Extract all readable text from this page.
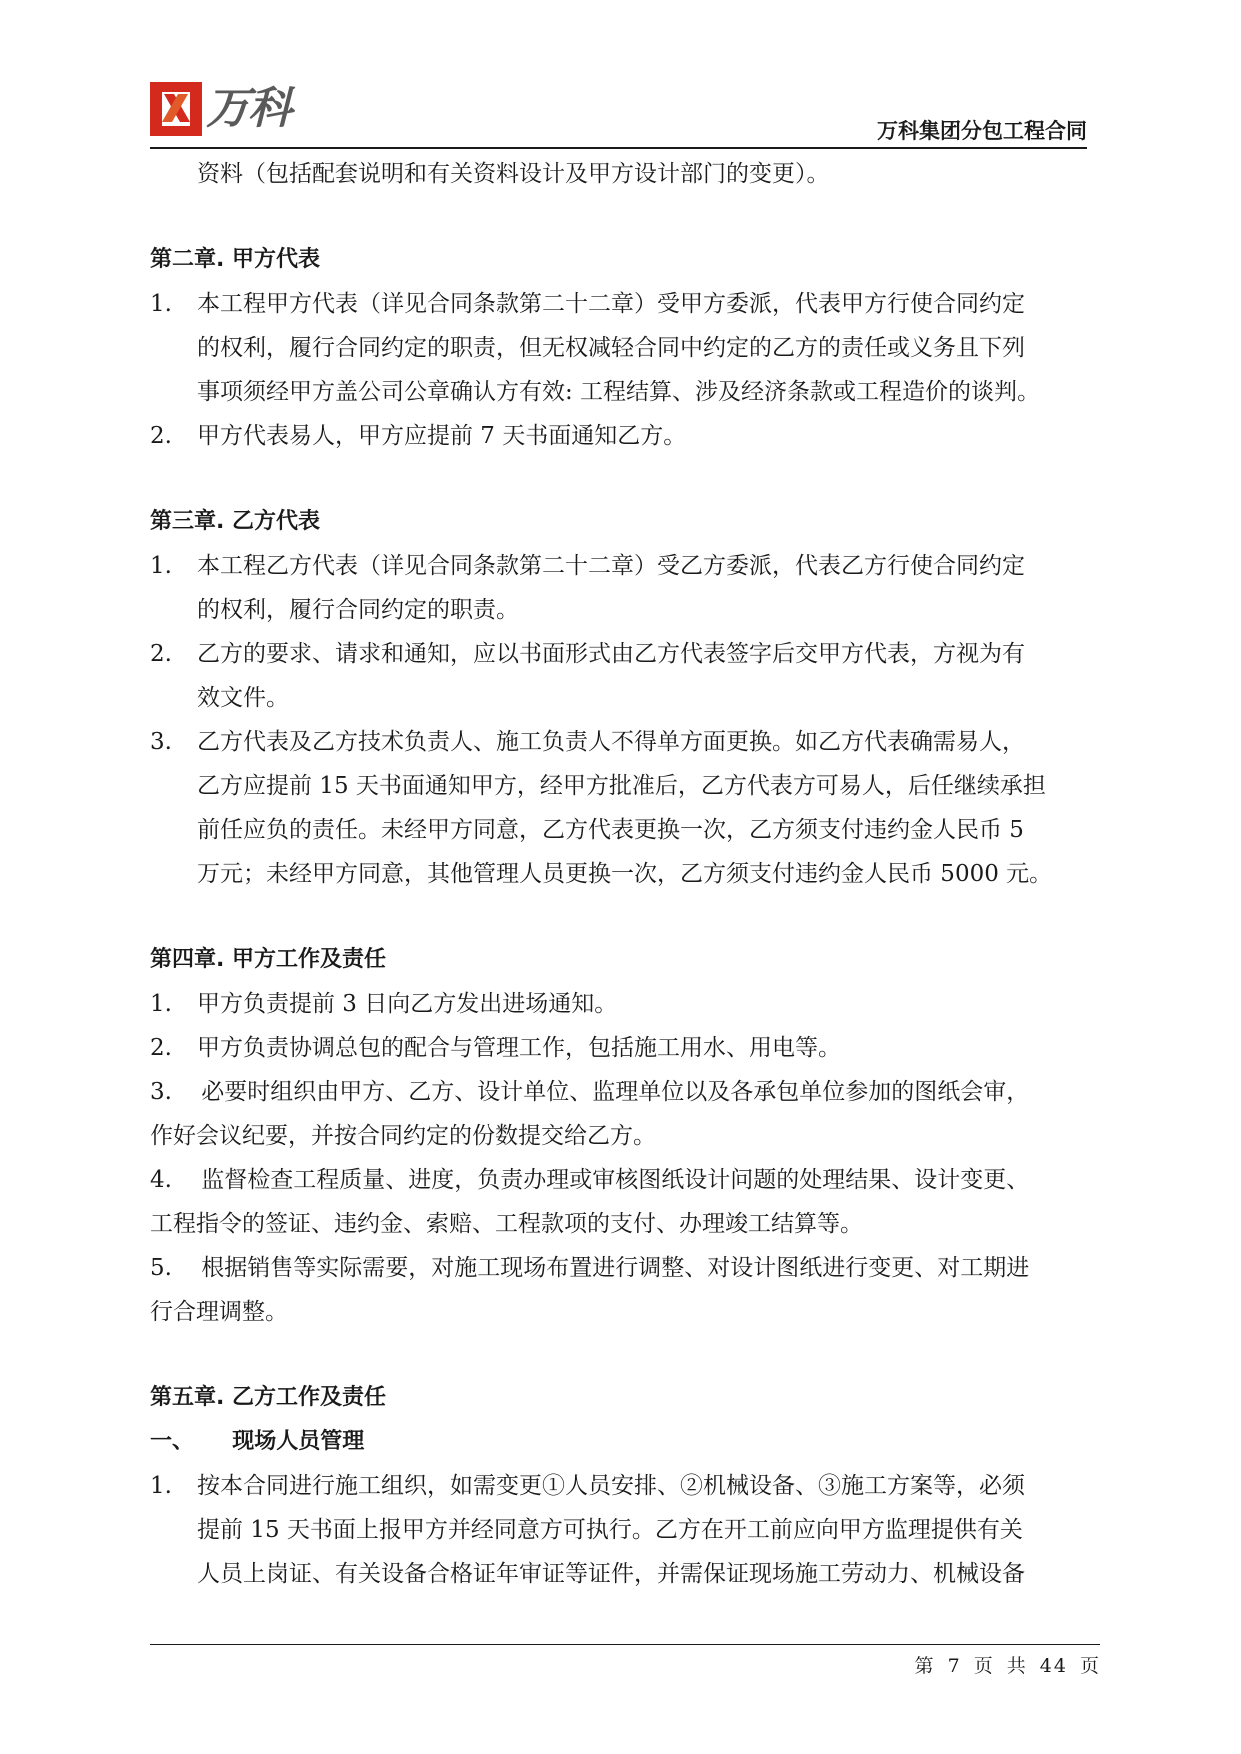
万科	万科集团分包工程合同
资料（包括配套说明和有关资料设计及甲方设计部门的变更）。
第二章. 甲方代表
1.	本工程甲方代表（详见合同条款第二十二章）受甲方委派，代表甲方行使合同约定
的权利，履行合同约定的职责，但无权减轻合同中约定的乙方的责任或义务且下列
事项须经甲方盖公司公章确认方有效: 工程结算、涉及经济条款或工程造价的谈判。
2.	甲方代表易人，甲方应提前 7 天书面通知乙方。
第三章. 乙方代表
1.	本工程乙方代表（详见合同条款第二十二章）受乙方委派，代表乙方行使合同约定
的权利，履行合同约定的职责。
2.	乙方的要求、请求和通知，应以书面形式由乙方代表签字后交甲方代表，方视为有
效文件。
3.	乙方代表及乙方技术负责人、施工负责人不得单方面更换。如乙方代表确需易人，
乙方应提前 15 天书面通知甲方，经甲方批准后，乙方代表方可易人，后任继续承担
前任应负的责任。未经甲方同意，乙方代表更换一次，乙方须支付违约金人民币 5
万元；未经甲方同意，其他管理人员更换一次，乙方须支付违约金人民币 5000 元。
第四章. 甲方工作及责任
1.	甲方负责提前 3 日向乙方发出进场通知。
2.	甲方负责协调总包的配合与管理工作，包括施工用水、用电等。
3.    必要时组织由甲方、乙方、设计单位、监理单位以及各承包单位参加的图纸会审，
作好会议纪要，并按合同约定的份数提交给乙方。
4.    监督检查工程质量、进度，负责办理或审核图纸设计问题的处理结果、设计变更、
工程指令的签证、违约金、索赔、工程款项的支付、办理竣工结算等。
5.    根据销售等实际需要，对施工现场布置进行调整、对设计图纸进行变更、对工期进
行合理调整。
第五章. 乙方工作及责任
一、     现场人员管理
1.	按本合同进行施工组织，如需变更①人员安排、②机械设备、③施工方案等，必须
提前 15 天书面上报甲方并经同意方可执行。乙方在开工前应向甲方监理提供有关
人员上岗证、有关设备合格证年审证等证件，并需保证现场施工劳动力、机械设备
第 7 页 共 44 页
